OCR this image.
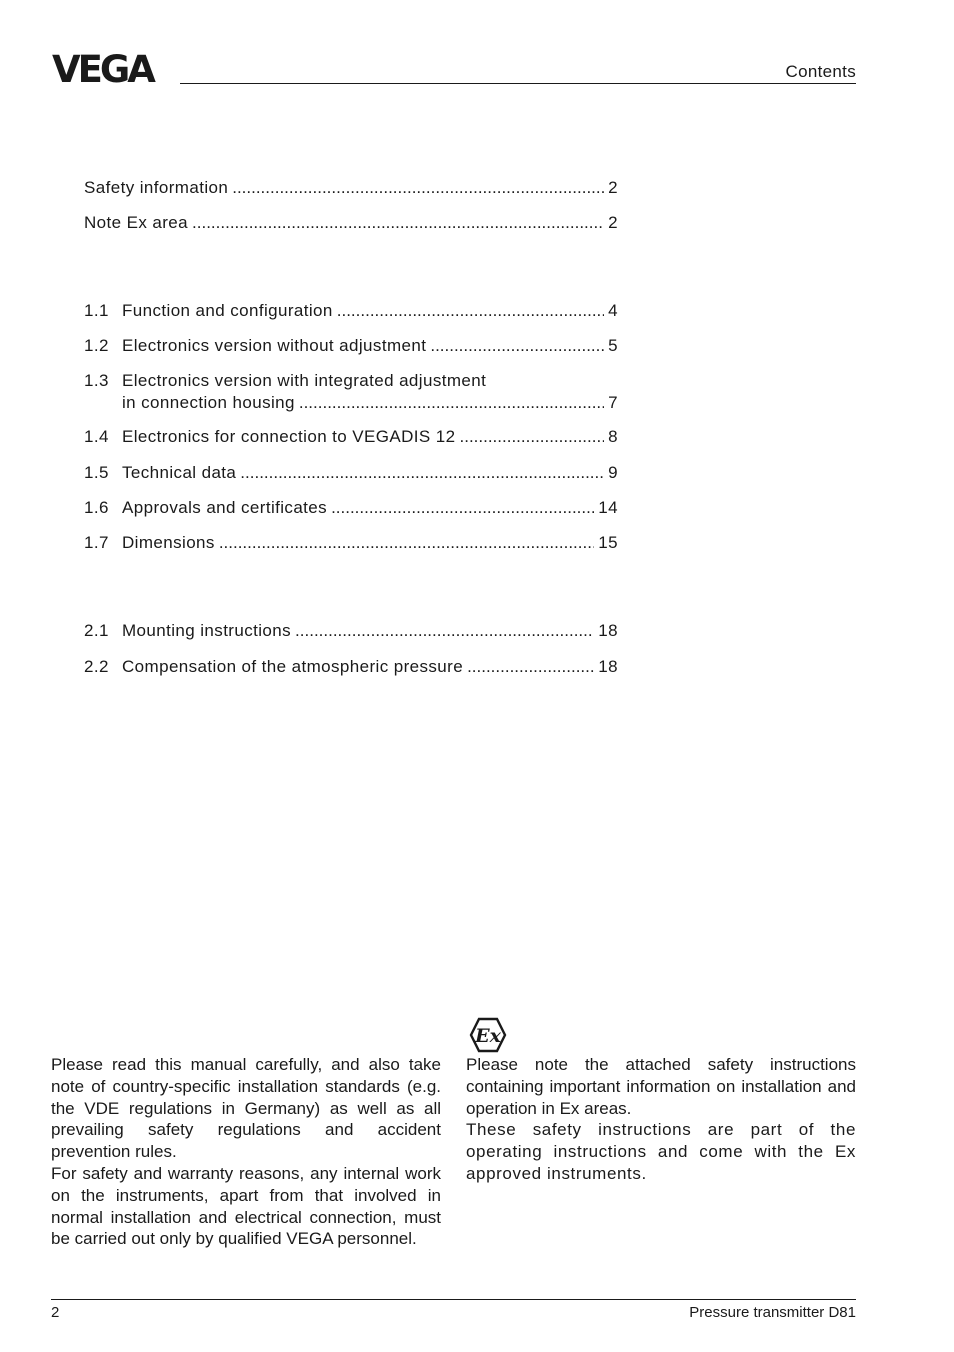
VEGA	Contents
Safety information .....	2
Note Ex area .....	2
1.1 Function and configuration .....	4
1.2 Electronics version without adjustment .....	5
1.3 Electronics version with integrated adjustment
in connection housing .....	7
1.4 Electronics for connection to VEGADIS 12 .....	8
1.5 Technical data .....	9
1.6 Approvals and certificates .....	14
1.7 Dimensions .....	15
2.1 Mounting instructions .....	18
2.2 Compensation of the atmospheric pressure .....	18
Ex

Please read this manual carefully, and also take note of country-specific installation standards (e.g. the VDE regulations in Germany) as well as all prevailing safety regulations and accident prevention rules.

For safety and warranty reasons, any internal work on the instruments, apart from that involved in normal installation and electrical connection, must be carried out only by qualified VEGA personnel.

Please note the attached safety instructions containing important information on installation and operation in Ex areas.

These safety instructions are part of the operating instructions and come with the Ex approved instruments.

2	Pressure transmitter D81
